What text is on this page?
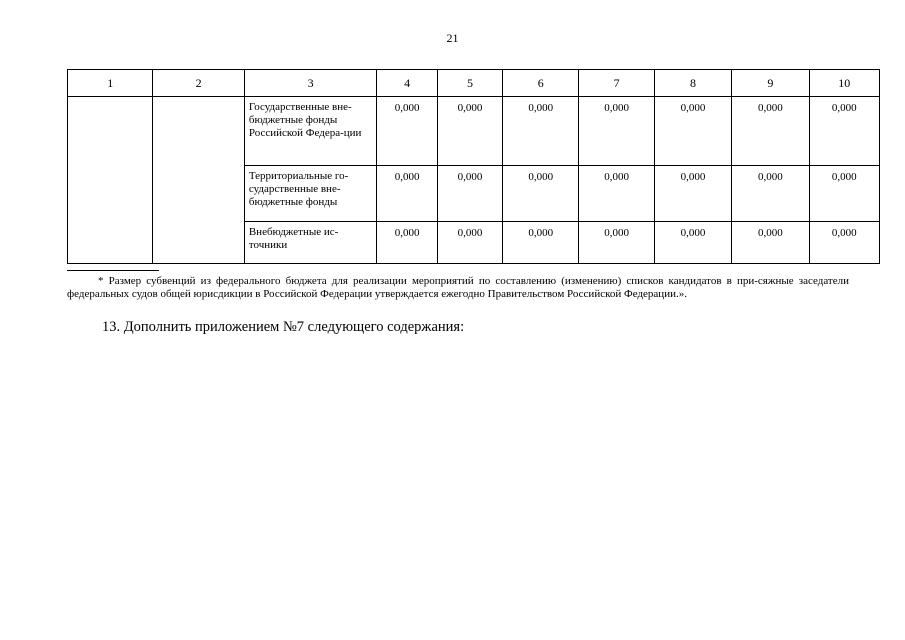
21
1	2	3	4	5	6	7	8	9	10
		Государственные вне-бюджетные фонды Российской Федера-ции	0,000	0,000	0,000	0,000	0,000	0,000	0,000
		Территориальные го-сударственные вне-бюджетные фонды	0,000	0,000	0,000	0,000	0,000	0,000	0,000
		Внебюджетные ис-точники	0,000	0,000	0,000	0,000	0,000	0,000	0,000
* Размер субвенций из федерального бюджета для реализации мероприятий по составлению (изменению) списков кандидатов в при-сяжные заседатели федеральных судов общей юрисдикции в Российской Федерации утверждается ежегодно Правительством Российской Федерации.».
13. Дополнить приложением №7 следующего содержания:
